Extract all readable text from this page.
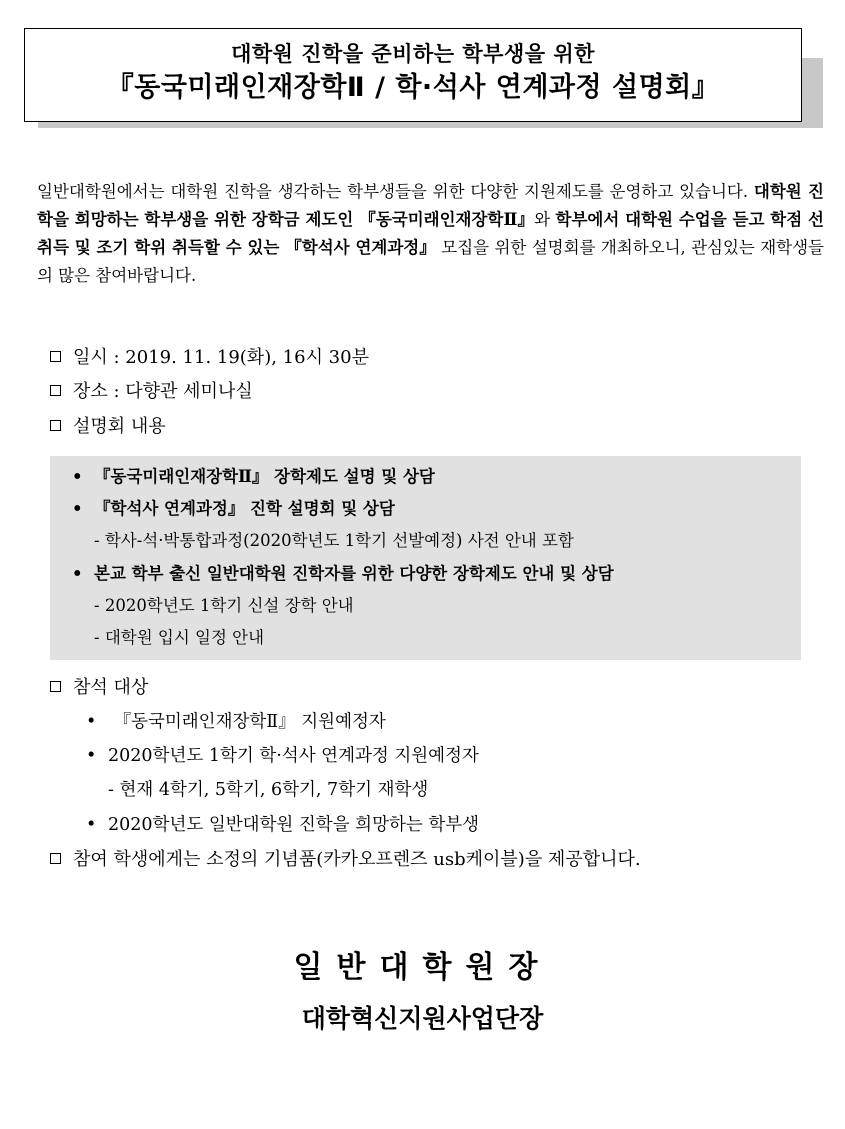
대학원 진학을 준비하는 학부생을 위한
『동국미래인재장학Ⅱ / 학·석사 연계과정 설명회』

일반대학원에서는 대학원 진학을 생각하는 학부생들을 위한 다양한 지원제도를 운영하고 있습니다. 대학원 진학을 희망하는 학부생을 위한 장학금 제도인 『동국미래인재장학Ⅱ』와 학부에서 대학원 수업을 듣고 학점 선취득 및 조기 학위 취득할 수 있는 『학석사 연계과정』 모집을 위한 설명회를 개최하오니, 관심있는 재학생들의 많은 참여바랍니다.

일시 : 2019. 11. 19(화), 16시 30분
장소 : 다향관 세미나실
설명회 내용
• 『동국미래인재장학Ⅱ』 장학제도 설명 및 상담
• 『학석사 연계과정』 진학 설명회 및 상담
- 학사-석·박통합과정(2020학년도 1학기 선발예정) 사전 안내 포함
• 본교 학부 출신 일반대학원 진학자를 위한 다양한 장학제도 안내 및 상담
- 2020학년도 1학기 신설 장학 안내
- 대학원 입시 일정 안내
참석 대상
• 『동국미래인재장학Ⅱ』 지원예정자
• 2020학년도 1학기 학·석사 연계과정 지원예정자
- 현재 4학기, 5학기, 6학기, 7학기 재학생
• 2020학년도 일반대학원 진학을 희망하는 학부생
참여 학생에게는 소정의 기념품(카카오프렌즈 usb케이블)을 제공합니다.
일반대학원장
대학혁신지원사업단장
